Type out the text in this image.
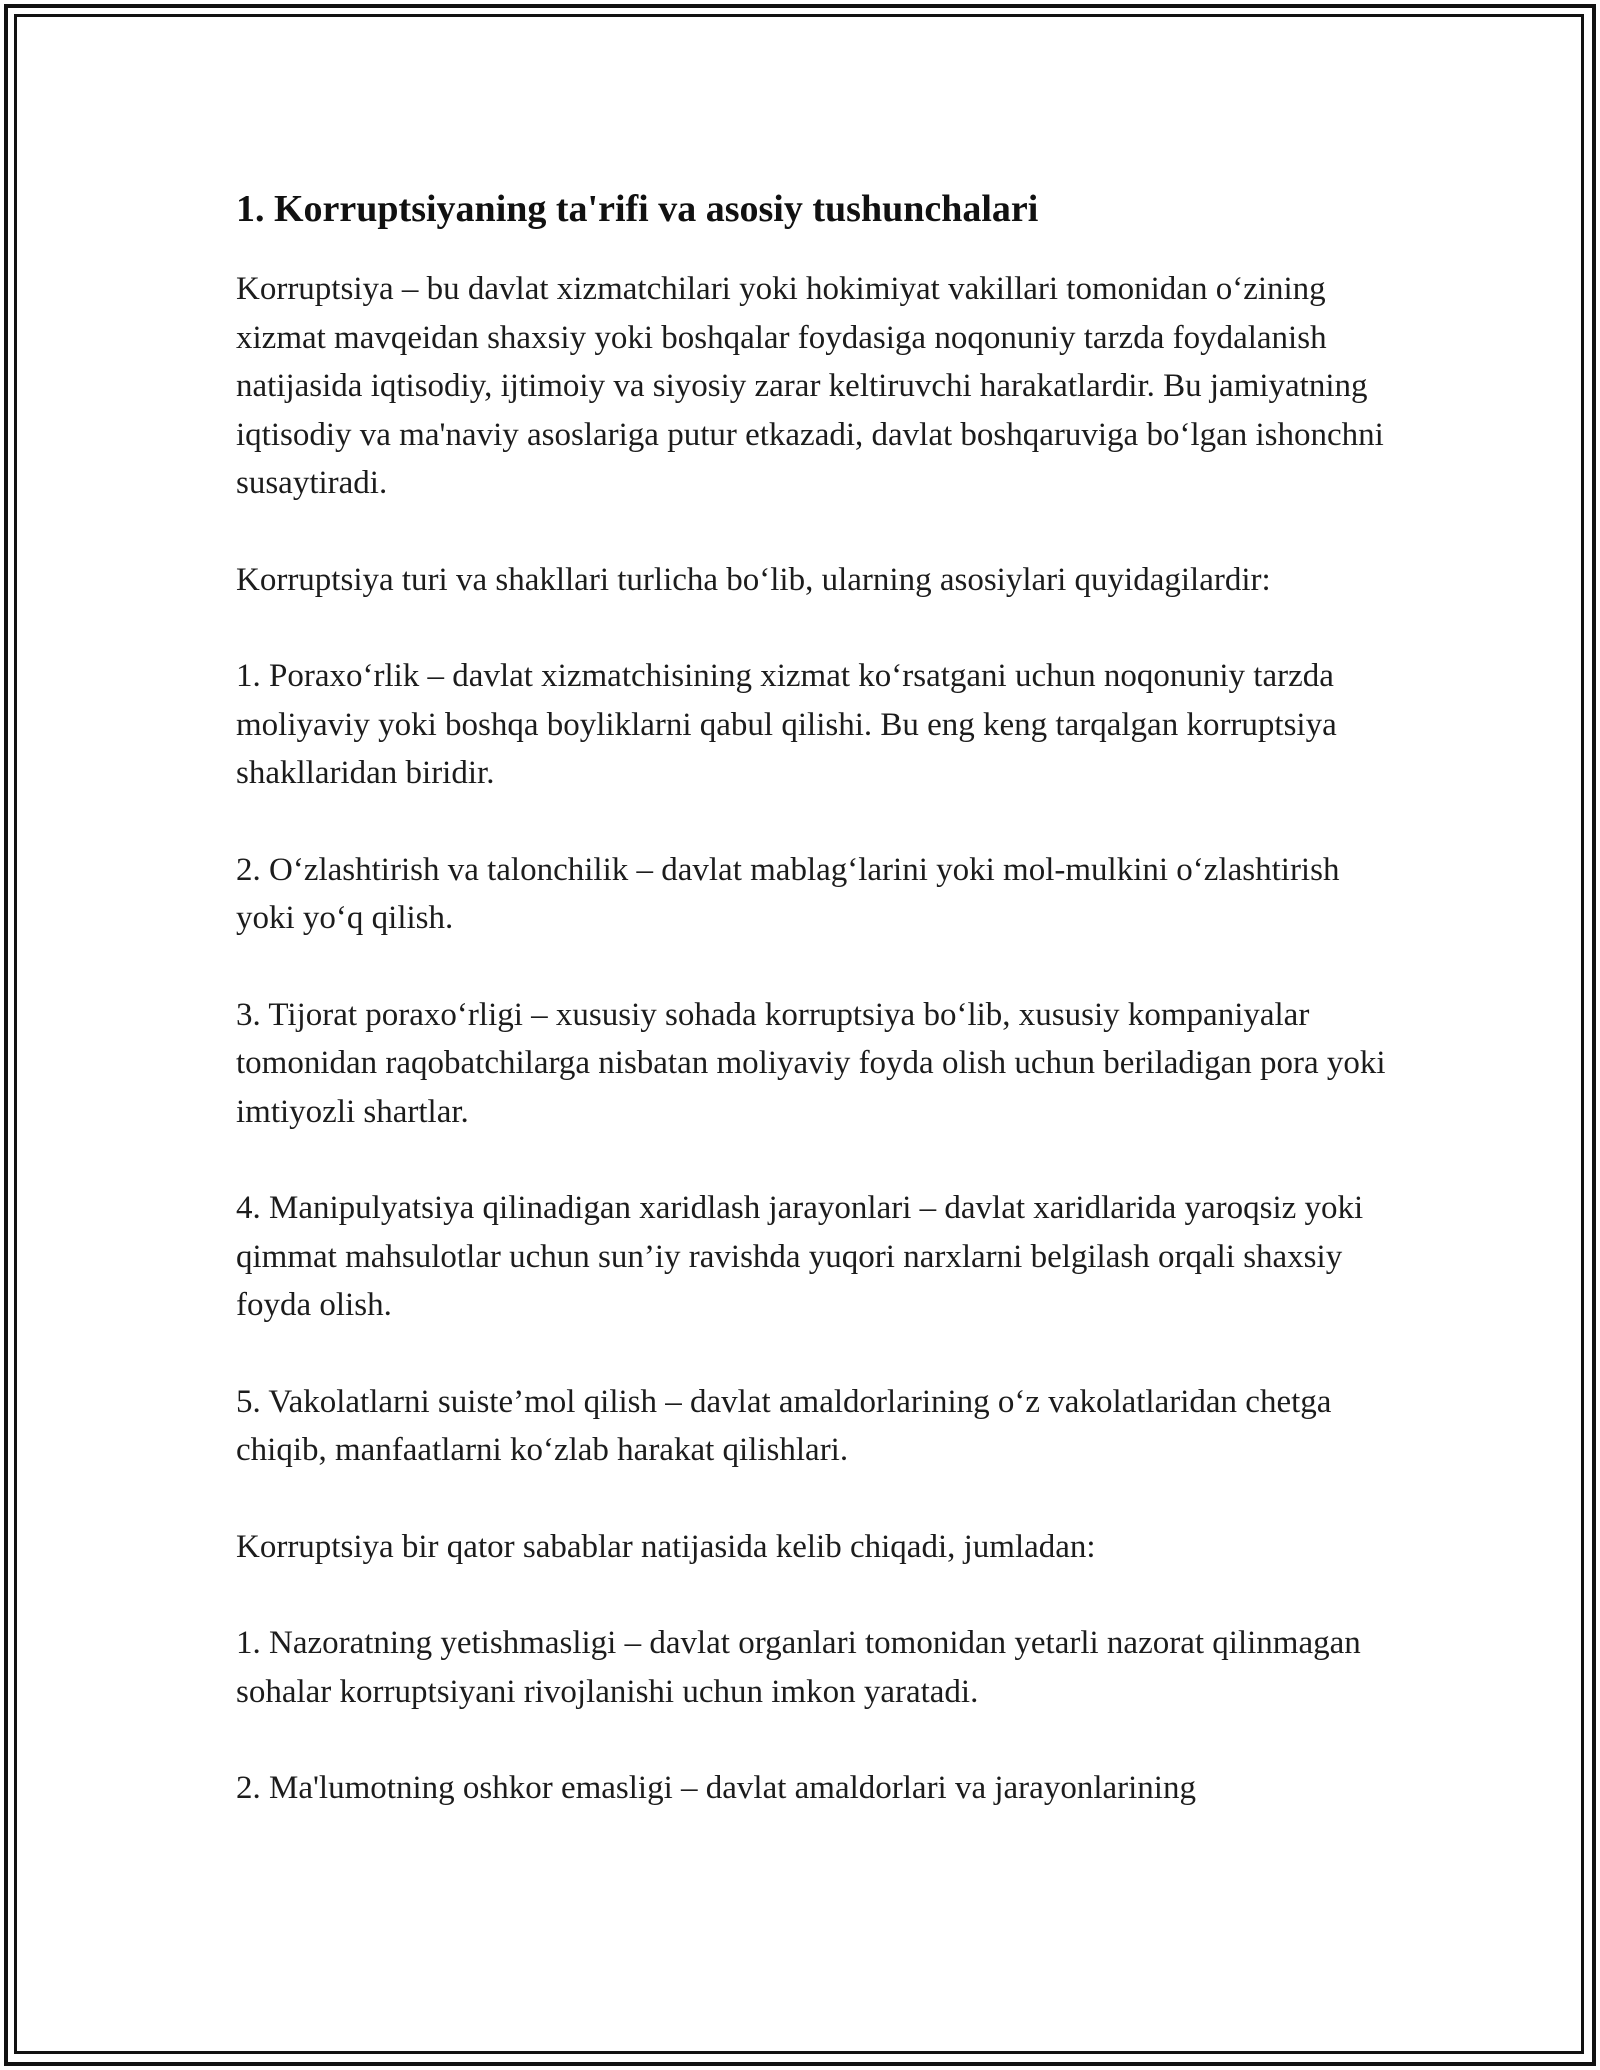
1. Korruptsiyaning ta'rifi va asosiy tushunchalari

Korruptsiya – bu davlat xizmatchilari yoki hokimiyat vakillari tomonidan o‘zining xizmat mavqeidan shaxsiy yoki boshqalar foydasiga noqonuniy tarzda foydalanish natijasida iqtisodiy, ijtimoiy va siyosiy zarar keltiruvchi harakatlardir. Bu jamiyatning iqtisodiy va ma'naviy asoslariga putur etkazadi, davlat boshqaruviga bo‘lgan ishonchni susaytiradi.

Korruptsiya turi va shakllari turlicha bo‘lib, ularning asosiylari quyidagilardir:

1. Poraxo‘rlik – davlat xizmatchisining xizmat ko‘rsatgani uchun noqonuniy tarzda moliyaviy yoki boshqa boyliklarni qabul qilishi. Bu eng keng tarqalgan korruptsiya shakllaridan biridir.

2. O‘zlashtirish va talonchilik – davlat mablag‘larini yoki mol-mulkini o‘zlashtirish yoki yo‘q qilish.

3. Tijorat poraxo‘rligi – xususiy sohada korruptsiya bo‘lib, xususiy kompaniyalar tomonidan raqobatchilarga nisbatan moliyaviy foyda olish uchun beriladigan pora yoki imtiyozli shartlar.

4. Manipulyatsiya qilinadigan xaridlash jarayonlari – davlat xaridlarida yaroqsiz yoki qimmat mahsulotlar uchun sun’iy ravishda yuqori narxlarni belgilash orqali shaxsiy foyda olish.

5. Vakolatlarni suiste’mol qilish – davlat amaldorlarining o‘z vakolatlaridan chetga chiqib, manfaatlarni ko‘zlab harakat qilishlari.

Korruptsiya bir qator sabablar natijasida kelib chiqadi, jumladan:

1. Nazoratning yetishmasligi – davlat organlari tomonidan yetarli nazorat qilinmagan sohalar korruptsiyani rivojlanishi uchun imkon yaratadi.

2. Ma'lumotning oshkor emasligi – davlat amaldorlari va jarayonlarining
